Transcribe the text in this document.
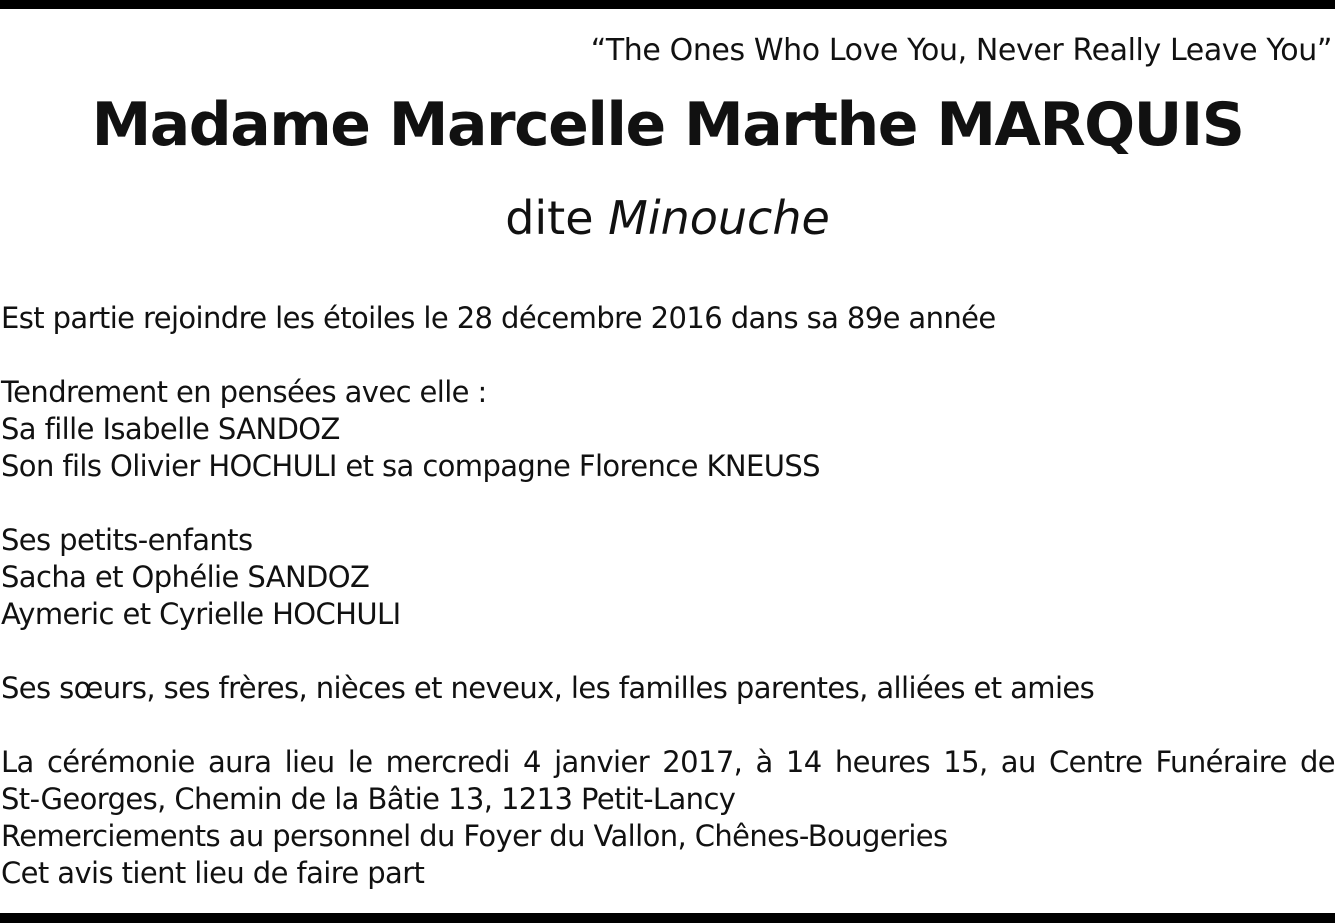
“The Ones Who Love You, Never Really Leave You”
Madame Marcelle Marthe MARQUIS
dite Minouche
Est partie rejoindre les étoiles le 28 décembre 2016 dans sa 89e année
Tendrement en pensées avec elle :
Sa fille Isabelle SANDOZ
Son fils Olivier HOCHULI et sa compagne Florence KNEUSS
Ses petits-enfants
Sacha et Ophélie SANDOZ
Aymeric et Cyrielle HOCHULI
Ses sœurs, ses frères, nièces et neveux, les familles parentes, alliées et amies
La cérémonie aura lieu le mercredi 4 janvier 2017, à 14 heures 15, au Centre Funéraire de
St-Georges, Chemin de la Bâtie 13, 1213 Petit-Lancy
Remerciements au personnel du Foyer du Vallon, Chênes-Bougeries
Cet avis tient lieu de faire part
